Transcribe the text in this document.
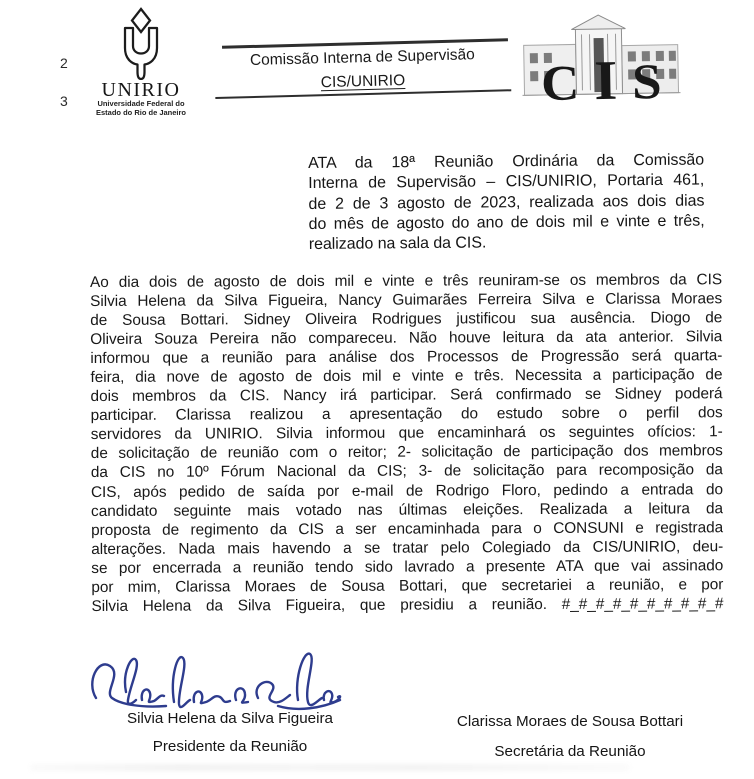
2
3	UNIRIO
Universidade Federal do
Estado do Rio de Janeiro
Comissão Interna de Supervisão
CIS/UNIRIO	C I S
ATA da 18ª Reunião Ordinária da Comissão
Interna de Supervisão – CIS/UNIRIO, Portaria 461,
de 2 de 3 agosto de 2023, realizada aos dois dias
do mês de agosto do ano de dois mil e vinte e três,
realizado na sala da CIS.
Ao dia dois de agosto de dois mil e vinte e três reuniram-se os membros da CIS
Silvia Helena da Silva Figueira, Nancy Guimarães Ferreira Silva e Clarissa Moraes
de Sousa Bottari. Sidney Oliveira Rodrigues justificou sua ausência. Diogo de
Oliveira Souza Pereira não compareceu. Não houve leitura da ata anterior. Silvia
informou que a reunião para análise dos Processos de Progressão será quarta-
feira, dia nove de agosto de dois mil e vinte e três. Necessita a participação de
dois membros da CIS. Nancy irá participar. Será confirmado se Sidney poderá
participar. Clarissa realizou a apresentação do estudo sobre o perfil dos
servidores da UNIRIO. Silvia informou que encaminhará os seguintes ofícios: 1-
de solicitação de reunião com o reitor; 2- solicitação de participação dos membros
da CIS no 10º Fórum Nacional da CIS; 3- de solicitação para recomposição da
CIS, após pedido de saída por e-mail de Rodrigo Floro, pedindo a entrada do
candidato seguinte mais votado nas últimas eleições. Realizada a leitura da
proposta de regimento da CIS a ser encaminhada para o CONSUNI e registrada
alterações. Nada mais havendo a se tratar pelo Colegiado da CIS/UNIRIO, deu-
se por encerrada a reunião tendo sido lavrado a presente ATA que vai assinado
por mim, Clarissa Moraes de Sousa Bottari, que secretariei a reunião, e por
Silvia Helena da Silva Figueira, que presidiu a reunião. #_#_#_#_#_#_#_#_#_#
Silvia Helena da Silva Figueira
Presidente da Reunião
Clarissa Moraes de Sousa Bottari
Secretária da Reunião
